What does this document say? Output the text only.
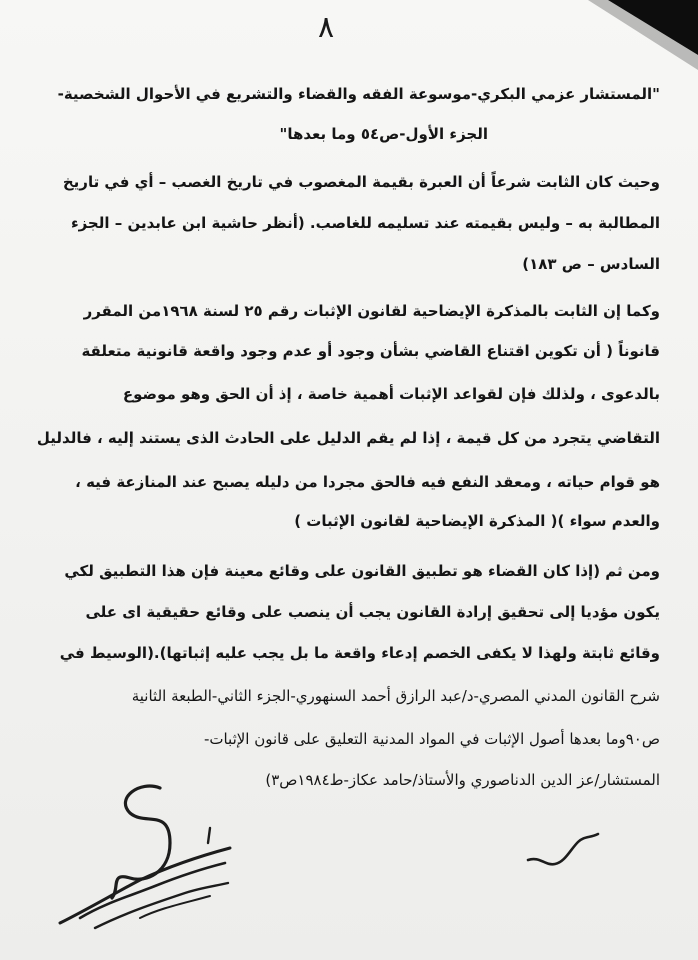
٨
"المستشار عزمي البكري-موسوعة الفقه والقضاء والتشريع في الأحوال الشخصية-
الجزء الأول-ص٥٤ وما بعدها"
وحيث كان الثابت شرعاً أن العبرة بقيمة المغصوب في تاريخ الغصب – أي في تاريخ
المطالبة به – وليس بقيمته عند تسليمه للغاصب. (أنظر حاشية ابن عابدين – الجزء
السادس – ص ١٨٣)
وكما إن الثابت بالمذكرة الإيضاحية لقانون الإثبات رقم ٢٥ لسنة ١٩٦٨من المقرر
قانوناً ( أن تكوين اقتناع القاضي بشأن وجود أو عدم وجود واقعة قانونية متعلقة
بالدعوى ، ولذلك فإن لقواعد الإثبات أهمية خاصة ، إذ أن الحق وهو موضوع
التقاضي يتجرد من كل قيمة ، إذا لم يقم الدليل على الحادث الذى يستند إليه ، فالدليل
هو قوام حياته ، ومعقد النفع فيه فالحق مجردا من دليله يصبح عند المنازعة فيه ،
والعدم سواء )( المذكرة الإيضاحية لقانون الإثبات )
ومن ثم (إذا كان القضاء هو تطبيق القانون على وقائع معينة فإن هذا التطبيق لكي
يكون مؤديا إلى تحقيق إرادة القانون يجب أن ينصب على وقائع حقيقية اى على
وقائع ثابتة ولهذا لا يكفى الخصم إدعاء واقعة ما بل يجب عليه إثباتها).(الوسيط في
شرح القانون المدني المصري-د/عبد الرازق أحمد السنهوري-الجزء الثاني-الطبعة الثانية
ص٩٠وما بعدها أصول الإثبات في المواد المدنية التعليق على قانون الإثبات-
المستشار/عز الدين الدناصوري والأستاذ/حامد عكاز-ط١٩٨٤ص٣)
